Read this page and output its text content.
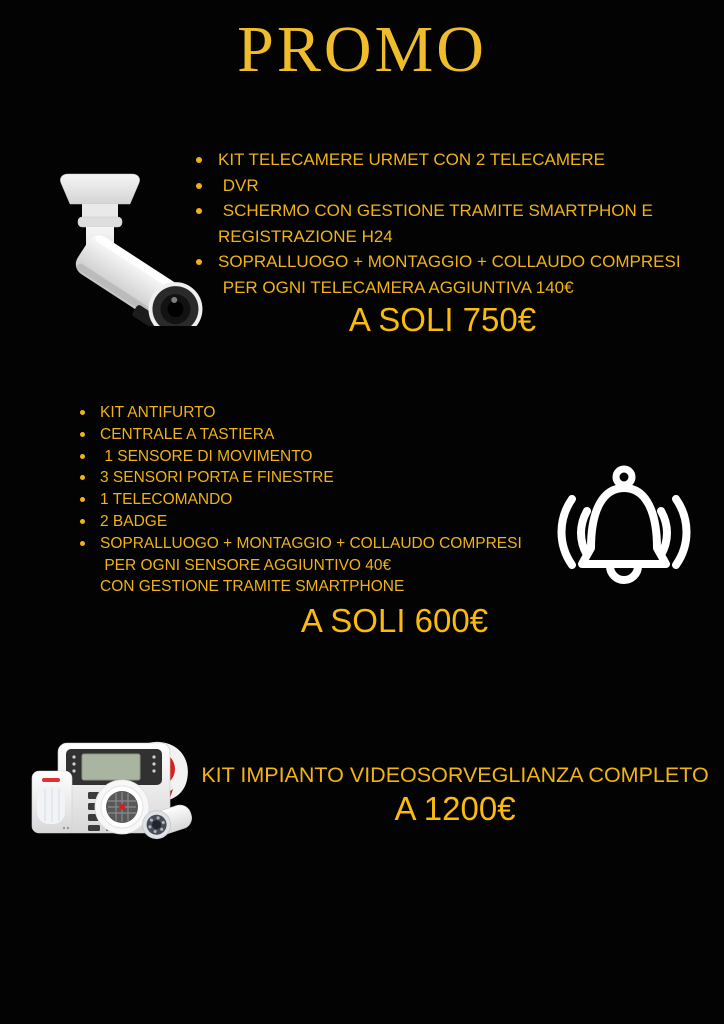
PROMO
KIT TELECAMERE URMET CON 2 TELECAMERE
DVR
SCHERMO CON GESTIONE TRAMITE SMARTPHON E
REGISTRAZIONE H24
SOPRALLUOGO + MONTAGGIO + COLLAUDO COMPRESI
PER OGNI TELECAMERA AGGIUNTIVA 140€
A SOLI 750€
KIT ANTIFURTO
CENTRALE A TASTIERA
1 SENSORE DI MOVIMENTO
3 SENSORI PORTA E FINESTRE
1 TELECOMANDO
2 BADGE
SOPRALLUOGO + MONTAGGIO + COLLAUDO COMPRESI
PER OGNI SENSORE AGGIUNTIVO 40€
CON GESTIONE TRAMITE SMARTPHONE
A SOLI 600€
KIT IMPIANTO VIDEOSORVEGLIANZA COMPLETO
A 1200€
